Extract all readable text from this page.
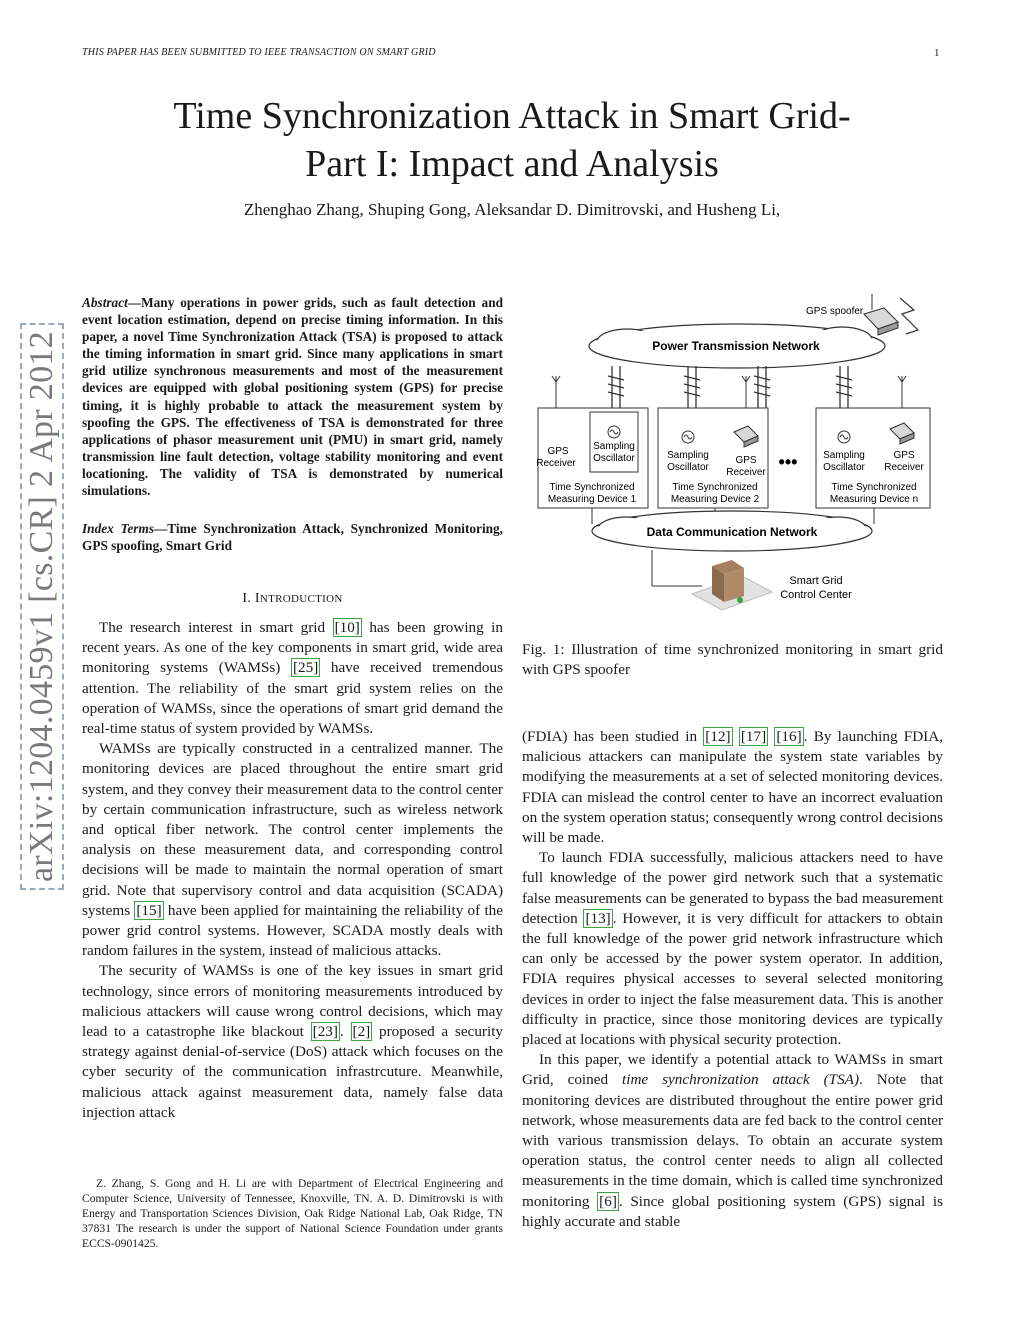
THIS PAPER HAS BEEN SUBMITTED TO IEEE TRANSACTION ON SMART GRID	1
Time Synchronization Attack in Smart Grid-
Part I: Impact and Analysis
Zhenghao Zhang, Shuping Gong, Aleksandar D. Dimitrovski, and Husheng Li,
arXiv:1204.0459v1 [cs.CR] 2 Apr 2012
Abstract—Many operations in power grids, such as fault detection and event location estimation, depend on precise timing information. In this paper, a novel Time Synchronization Attack (TSA) is proposed to attack the timing information in smart grid. Since many applications in smart grid utilize synchronous measurements and most of the measurement devices are equipped with global positioning system (GPS) for precise timing, it is highly probable to attack the measurement system by spoofing the GPS. The effectiveness of TSA is demonstrated for three applications of phasor measurement unit (PMU) in smart grid, namely transmission line fault detection, voltage stability monitoring and event locationing. The validity of TSA is demonstrated by numerical simulations.
Index Terms—Time Synchronization Attack, Synchronized Monitoring, GPS spoofing, Smart Grid
I. INTRODUCTION

The research interest in smart grid [10] has been growing in recent years. As one of the key components in smart grid, wide area monitoring systems (WAMSs) [25] have received tremendous attention. The reliability of the smart grid system relies on the operation of WAMSs, since the operations of smart grid demand the real-time status of system provided by WAMSs.

WAMSs are typically constructed in a centralized manner. The monitoring devices are placed throughout the entire smart grid system, and they convey their measurement data to the control center by certain communication infrastructure, such as wireless network and optical fiber network. The control center implements the analysis on these measurement data, and corresponding control decisions will be made to maintain the normal operation of smart grid. Note that supervisory control and data acquisition (SCADA) systems [15] have been applied for maintaining the reliability of the power grid control systems. However, SCADA mostly deals with random failures in the system, instead of malicious attacks.

The security of WAMSs is one of the key issues in smart grid technology, since errors of monitoring measurements introduced by malicious attackers will cause wrong control decisions, which may lead to a catastrophe like blackout [23] . [2] proposed a security strategy against denial-of-service (DoS) attack which focuses on the cyber security of the communication infrastrcuture. Meanwhile, malicious attack against measurement data, namely false data injection attack

Z. Zhang, S. Gong and H. Li are with Department of Electrical Engineering and Computer Science, University of Tennessee, Knoxville, TN. A. D. Dimitrovski is with Energy and Transportation Sciences Division, Oak Ridge National Lab, Oak Ridge, TN 37831 The research is under the support of National Science Foundation under grants ECCS-0901425.

GPS spoofer
Power Transmission Network
Sampling
Oscillator
GPS
Receiver
Time Synchronized
Measuring Device 1
Sampling
Oscillator
GPS
Receiver
Time Synchronized
Measuring Device 2
•••	Sampling
Oscillator
GPS
Receiver
Time Synchronized
Measuring Device n
Data Communication Network
Smart Grid
Control Center
Fig. 1: Illustration of time synchronized monitoring in smart grid with GPS spoofer

(FDIA) has been studied in [12] [17] [16] . By launching FDIA, malicious attackers can manipulate the system state variables by modifying the measurements at a set of selected monitoring devices. FDIA can mislead the control center to have an incorrect evaluation on the system operation status; consequently wrong control decisions will be made.

To launch FDIA successfully, malicious attackers need to have full knowledge of the power gird network such that a systematic false measurements can be generated to bypass the bad measurement detection [13] . However, it is very difficult for attackers to obtain the full knowledge of the power grid network infrastructure which can only be accessed by the power system operator. In addition, FDIA requires physical accesses to several selected monitoring devices in order to inject the false measurement data. This is another difficulty in practice, since those monitoring devices are typically placed at locations with physical security protection.

In this paper, we identify a potential attack to WAMSs in smart Grid, coined time synchronization attack (TSA). Note that monitoring devices are distributed throughout the entire power grid network, whose measurements data are fed back to the control center with various transmission delays. To obtain an accurate system operation status, the control center needs to align all collected measurements in the time domain, which is called time synchronized monitoring [6] . Since global positioning system (GPS) signal is highly accurate and stable
